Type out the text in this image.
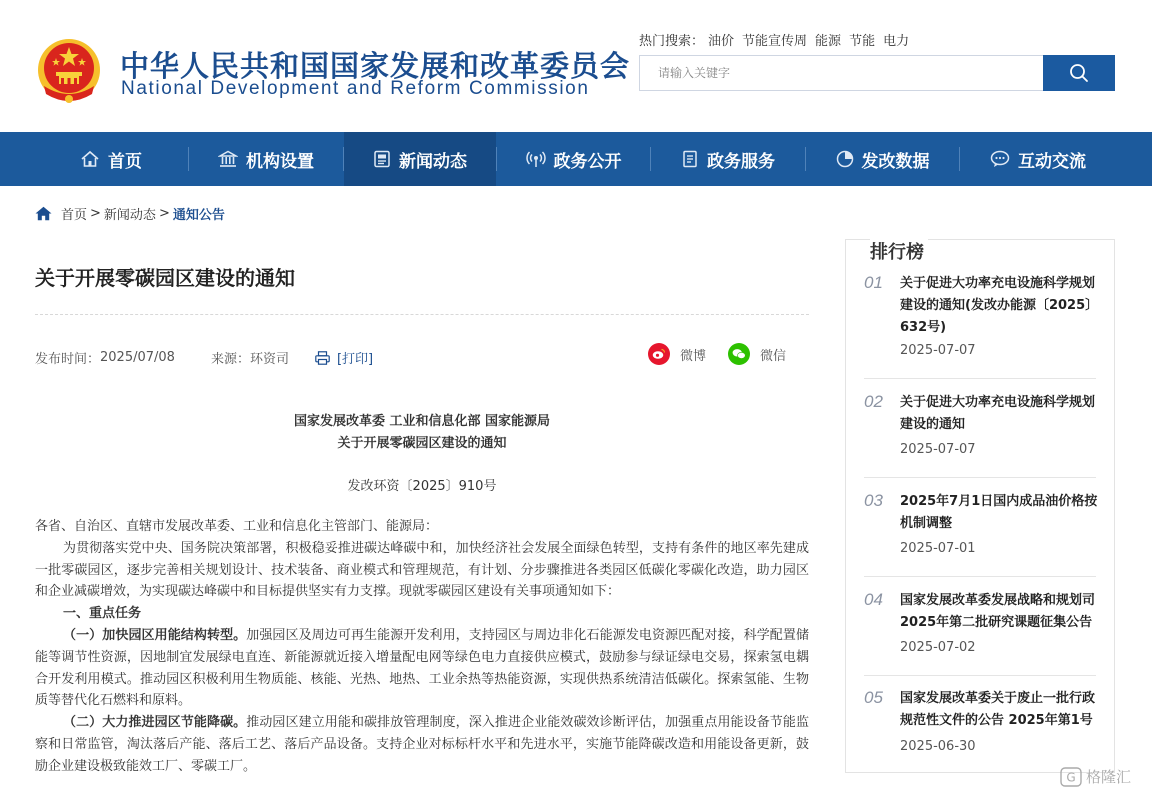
中华人民共和国国家发展和改革委员会
National Development and Reform Commission
热门搜索： 油价 节能宣传周 能源 节能 电力
请输入关键字
首页	机构设置	新闻动态	政务公开	政务服务	发改数据	互动交流
首页 > 新闻动态 > 通知公告
关于开展零碳园区建设的通知
发布时间： 2025/07/08	来源： 环资司	[打印]	微博	微信
国家发展改革委 工业和信息化部 国家能源局
关于开展零碳园区建设的通知
发改环资〔2025〕910号

各省、自治区、直辖市发展改革委、工业和信息化主管部门、能源局：

为贯彻落实党中央、国务院决策部署，积极稳妥推进碳达峰碳中和，加快经济社会发展全面绿色转型，支持有条件的地区率先建成一批零碳园区，逐步完善相关规划设计、技术装备、商业模式和管理规范，有计划、分步骤推进各类园区低碳化零碳化改造，助力园区和企业减碳增效，为实现碳达峰碳中和目标提供坚实有力支撑。现就零碳园区建设有关事项通知如下：

一、重点任务

（一）加快园区用能结构转型。加强园区及周边可再生能源开发利用，支持园区与周边非化石能源发电资源匹配对接，科学配置储能等调节性资源，因地制宜发展绿电直连、新能源就近接入增量配电网等绿色电力直接供应模式，鼓励参与绿证绿电交易，探索氢电耦合开发利用模式。推动园区积极利用生物质能、核能、光热、地热、工业余热等热能资源，实现供热系统清洁低碳化。探索氢能、生物质等替代化石燃料和原料。

（二）大力推进园区节能降碳。推动园区建立用能和碳排放管理制度，深入推进企业能效碳效诊断评估，加强重点用能设备节能监察和日常监管，淘汰落后产能、落后工艺、落后产品设备。支持企业对标标杆水平和先进水平，实施节能降碳改造和用能设备更新，鼓励企业建设极致能效工厂、零碳工厂。

排行榜
01 关于促进大功率充电设施科学规划建设的通知(发改办能源〔2025〕632号)
2025-07-07
02 关于促进大功率充电设施科学规划建设的通知
2025-07-07
03 2025年7月1日国内成品油价格按机制调整
2025-07-01
04 国家发展改革委发展战略和规划司2025年第二批研究课题征集公告
2025-07-02
05 国家发展改革委关于废止一批行政规范性文件的公告 2025年第1号
2025-06-30
G 格隆汇
